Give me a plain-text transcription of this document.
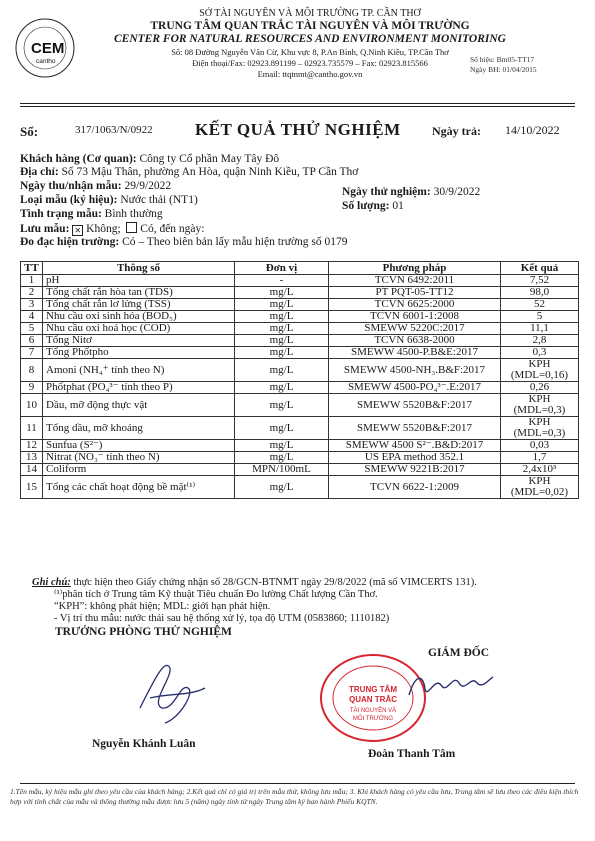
CEM
cantho
SỞ TÀI NGUYÊN VÀ MÔI TRƯỜNG TP. CẦN THƠ
TRUNG TÂM QUAN TRẮC TÀI NGUYÊN VÀ MÔI TRƯỜNG
CENTER FOR NATURAL RESOURCES AND ENVIRONMENT MONITORING
Số: 08 Đường Nguyễn Văn Cừ, Khu vực 8, P.An Bình, Q.Ninh Kiều, TP.Cần Thơ
Điện thoại/Fax: 02923.891199 – 02923.735579 – Fax: 02923.815566
Email: ttqtnmt@cantho.gov.vn
Số hiệu: Bm05-TT17
Ngày BH: 01/04/2015
Số:	317/1063/N/0922 KẾT QUẢ THỬ NGHIỆM	Ngày trả: 14/10/2022
Khách hàng (Cơ quan): Công ty Cổ phần May Tây Đô
Địa chỉ: Số 73 Mậu Thân, phường An Hòa, quận Ninh Kiều, TP Cần Thơ
Ngày thu/nhận mẫu: 29/9/2022	Ngày thử nghiệm: 30/9/2022
Loại mẫu (ký hiệu): Nước thải (NT1)	Số lượng: 01
Tình trạng mẫu: Bình thường
Lưu mẫu: ✕ Không; Có, đến ngày:
Đo đạc hiện trường: Có – Theo biên bản lấy mẫu hiện trường số 0179
TT	Thông số	Đơn vị	Phương pháp	Kết quả
1	pH	-	TCVN 6492:2011	7,52
2	Tổng chất rắn hòa tan (TDS)	mg/L	PT PQT-05-TT12	98,0
3	Tổng chất rắn lơ lửng (TSS)	mg/L	TCVN 6625:2000	52
4	Nhu cầu oxi sinh hóa (BOD₅)	mg/L	TCVN 6001-1:2008	5
5	Nhu cầu oxi hoá học (COD)	mg/L	SMEWW 5220C:2017	11,1
6	Tổng Nitơ	mg/L	TCVN 6638-2000	2,8
7	Tổng Phốtpho	mg/L	SMEWW 4500-P.B&E:2017	0,3
8	Amoni (NH₄⁺ tính theo N)	mg/L	SMEWW 4500-NH₃.B&F:2017	KPH
(MDL=0,16)
9	Phốtphat (PO₄³⁻ tính theo P)	mg/L	SMEWW 4500-PO₄³⁻.E:2017	0,26
10	Dầu, mỡ động thực vật	mg/L	SMEWW 5520B&F:2017	KPH
(MDL=0,3)
11	Tổng dầu, mỡ khoáng	mg/L	SMEWW 5520B&F:2017	KPH
(MDL=0,3)
12	Sunfua (S²⁻)	mg/L	SMEWW 4500 S²⁻.B&D:2017	0,03
13	Nitrat (NO₃⁻ tính theo N)	mg/L	US EPA method 352.1	1,7
14	Coliform	MPN/100mL	SMEWW 9221B:2017	2,4x10³
15	Tổng các chất hoạt động bề mặt⁽¹⁾	mg/L	TCVN 6622-1:2009	KPH
(MDL=0,02)
Ghi chú: thực hiện theo Giấy chứng nhận số 28/GCN-BTNMT ngày 29/8/2022 (mã số VIMCERTS 131).
⁽¹⁾phân tích ở Trung tâm Kỹ thuật Tiêu chuẩn Đo lường Chất lượng Cần Thơ.
“KPH”: không phát hiện; MDL: giới hạn phát hiện.
- Vị trí thu mẫu: nước thải sau hệ thống xử lý, tọa độ UTM (0583860; 1110182)
TRƯỞNG PHÒNG THỬ NGHIỆM
Nguyễn Khánh Luân
GIÁM ĐỐC
TRUNG TÂM
QUAN TRẮC
TÀI NGUYÊN VÀ
MÔI TRƯỜNG
Đoàn Thanh Tâm
1.Tên mẫu, ký hiệu mẫu ghi theo yêu cầu của khách hàng; 2.Kết quả chỉ có giá trị trên mẫu thử, không lưu mẫu; 3. Khi khách hàng có yêu cầu lưu, Trung tâm sẽ lưu theo các điều kiện thích hợp với tính chất của mẫu và thông thường mẫu được lưu 5 (năm) ngày tính từ ngày Trung tâm ký ban hành Phiếu KQTN.
